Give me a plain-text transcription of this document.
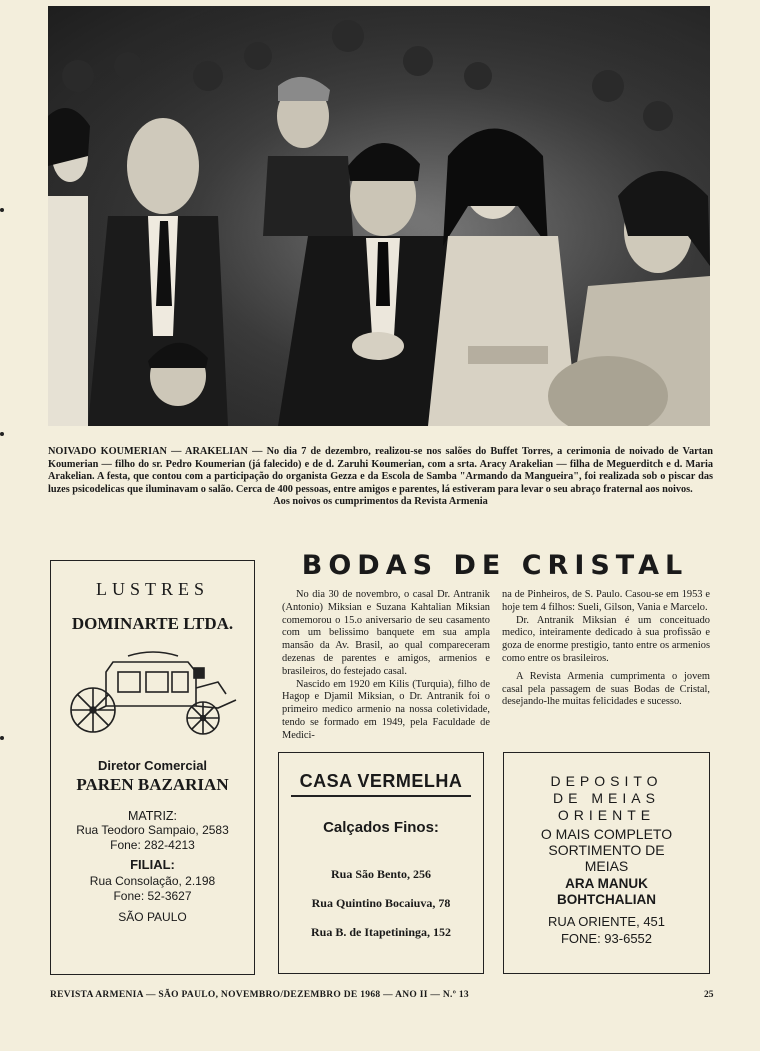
NOIVADO KOUMERIAN — ARAKELIAN — No dia 7 de dezembro, realizou-se nos salões do Buffet Torres, a cerimonia de noivado de Vartan Koumerian — filho do sr. Pedro Koumerian (já falecido) e de d. Zaruhi Koumerian, com a srta. Aracy Arakelian — filha de Meguerditch e d. Maria Arakelian. A festa, que contou com a participação do organista Gezza e da Escola de Samba "Armando da Mangueira", foi realizada sob o piscar das luzes psicodelicas que iluminavam o salão. Cerca de 400 pessoas, entre amigos e parentes, lá estiveram para levar o seu abraço fraternal aos noivos.
Aos noivos os cumprimentos da Revista Armenia
BODAS DE CRISTAL

No dia 30 de novembro, o casal Dr. Antranik (Antonio) Miksian e Suzana Kahtalian Miksian comemorou o 15.o aniversario de seu casamento com um belissimo banquete em sua ampla mansão da Av. Brasil, ao qual compareceram dezenas de parentes e amigos, armenios e brasileiros, do festejado casal.

Nascido em 1920 em Kilis (Turquia), filho de Hagop e Djamil Miksian, o Dr. Antranik foi o primeiro medico armenio na nossa coletividade, tendo se formado em 1949, pela Faculdade de Medici-

na de Pinheiros, de S. Paulo. Casou-se em 1953 e hoje tem 4 filhos: Sueli, Gilson, Vania e Marcelo.

Dr. Antranik Miksian é um conceituado medico, inteiramente dedicado à sua profissão e goza de enorme prestigio, tanto entre os armenios como entre os brasileiros.

A Revista Armenia cumprimenta o jovem casal pela passagem de suas Bodas de Cristal, desejando-lhe muitas felicidades e sucesso.

LUSTRES
DOMINARTE LTDA.
Diretor Comercial
PAREN BAZARIAN
MATRIZ:
Rua Teodoro Sampaio, 2583
Fone: 282-4213
FILIAL:
Rua Consolação, 2.198
Fone: 52-3627
SÃO PAULO
CASA VERMELHA
Calçados Finos:
Rua São Bento, 256
Rua Quintino Bocaiuva, 78
Rua B. de Itapetininga, 152
DEPOSITO
DE MEIAS
ORIENTE
O MAIS COMPLETO
SORTIMENTO DE
MEIAS
ARA MANUK
BOHTCHALIAN
RUA ORIENTE, 451
FONE: 93-6552
REVISTA ARMENIA — SÃO PAULO, NOVEMBRO/DEZEMBRO DE 1968 — ANO II — N.º 13	25
